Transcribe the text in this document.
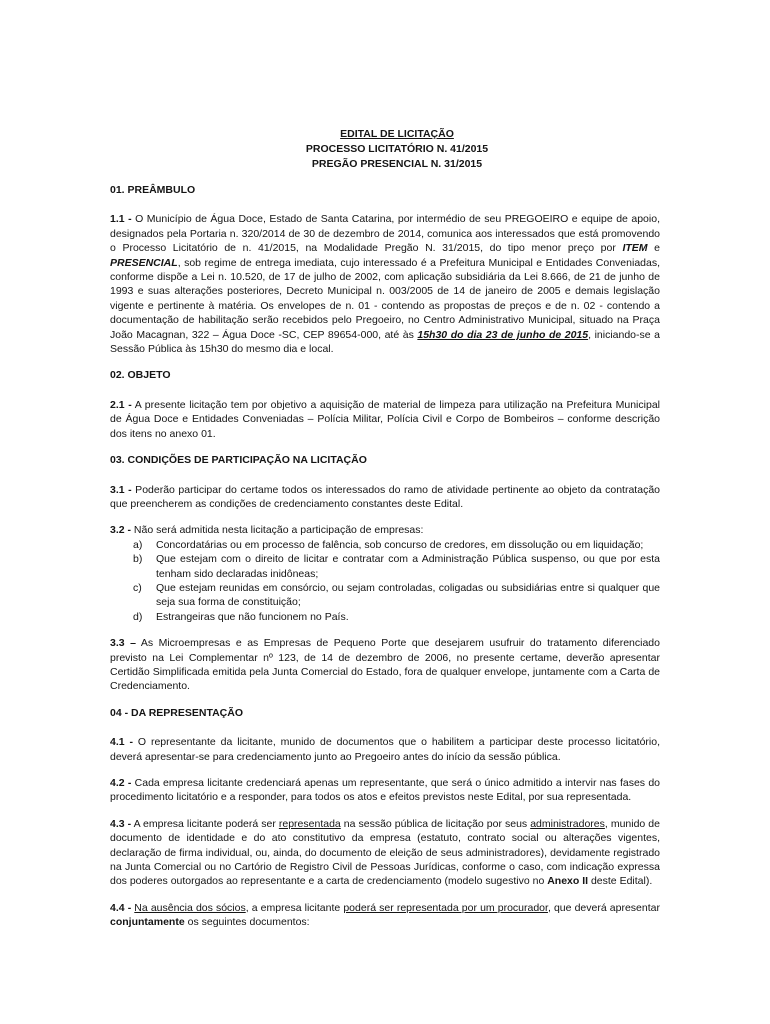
EDITAL DE LICITAÇÃO
PROCESSO LICITATÓRIO N. 41/2015
PREGÃO PRESENCIAL N. 31/2015
01. PREÂMBULO

1.1 - O Município de Água Doce, Estado de Santa Catarina, por intermédio de seu PREGOEIRO e equipe de apoio, designados pela Portaria n. 320/2014 de 30 de dezembro de 2014, comunica aos interessados que está promovendo o Processo Licitatório de n. 41/2015, na Modalidade Pregão N. 31/2015, do tipo menor preço por ITEM e PRESENCIAL, sob regime de entrega imediata, cujo interessado é a Prefeitura Municipal e Entidades Conveniadas, conforme dispõe a Lei n. 10.520, de 17 de julho de 2002, com aplicação subsidiária da Lei 8.666, de 21 de junho de 1993 e suas alterações posteriores, Decreto Municipal n. 003/2005 de 14 de janeiro de 2005 e demais legislação vigente e pertinente à matéria. Os envelopes de n. 01 - contendo as propostas de preços e de n. 02 - contendo a documentação de habilitação serão recebidos pelo Pregoeiro, no Centro Administrativo Municipal, situado na Praça João Macagnan, 322 – Água Doce -SC, CEP 89654-000, até às 15h30 do dia 23 de junho de 2015, iniciando-se a Sessão Pública às 15h30 do mesmo dia e local.

02. OBJETO

2.1 - A presente licitação tem por objetivo a aquisição de material de limpeza para utilização na Prefeitura Municipal de Água Doce e Entidades Conveniadas – Polícia Militar, Polícia Civil e Corpo de Bombeiros – conforme descrição dos itens no anexo 01.

03. CONDIÇÕES DE PARTICIPAÇÃO NA LICITAÇÃO

3.1 - Poderão participar do certame todos os interessados do ramo de atividade pertinente ao objeto da contratação que preencherem as condições de credenciamento constantes deste Edital.

3.2 - Não será admitida nesta licitação a participação de empresas:

a)	Concordatárias ou em processo de falência, sob concurso de credores, em dissolução ou em liquidação;
b)	Que estejam com o direito de licitar e contratar com a Administração Pública suspenso, ou que por esta tenham sido declaradas inidôneas;
c)	Que estejam reunidas em consórcio, ou sejam controladas, coligadas ou subsidiárias entre si qualquer que seja sua forma de constituição;
d)	Estrangeiras que não funcionem no País.

3.3 – As Microempresas e as Empresas de Pequeno Porte que desejarem usufruir do tratamento diferenciado previsto na Lei Complementar nº 123, de 14 de dezembro de 2006, no presente certame, deverão apresentar Certidão Simplificada emitida pela Junta Comercial do Estado, fora de qualquer envelope, juntamente com a Carta de Credenciamento.

04 - DA REPRESENTAÇÃO

4.1 - O representante da licitante, munido de documentos que o habilitem a participar deste processo licitatório, deverá apresentar-se para credenciamento junto ao Pregoeiro antes do início da sessão pública.

4.2 - Cada empresa licitante credenciará apenas um representante, que será o único admitido a intervir nas fases do procedimento licitatório e a responder, para todos os atos e efeitos previstos neste Edital, por sua representada.

4.3 - A empresa licitante poderá ser representada na sessão pública de licitação por seus administradores, munido de documento de identidade e do ato constitutivo da empresa (estatuto, contrato social ou alterações vigentes, declaração de firma individual, ou, ainda, do documento de eleição de seus administradores), devidamente registrado na Junta Comercial ou no Cartório de Registro Civil de Pessoas Jurídicas, conforme o caso, com indicação expressa dos poderes outorgados ao representante e a carta de credenciamento (modelo sugestivo no Anexo II deste Edital).

4.4 - Na ausência dos sócios, a empresa licitante poderá ser representada por um procurador, que deverá apresentar conjuntamente os seguintes documentos:
